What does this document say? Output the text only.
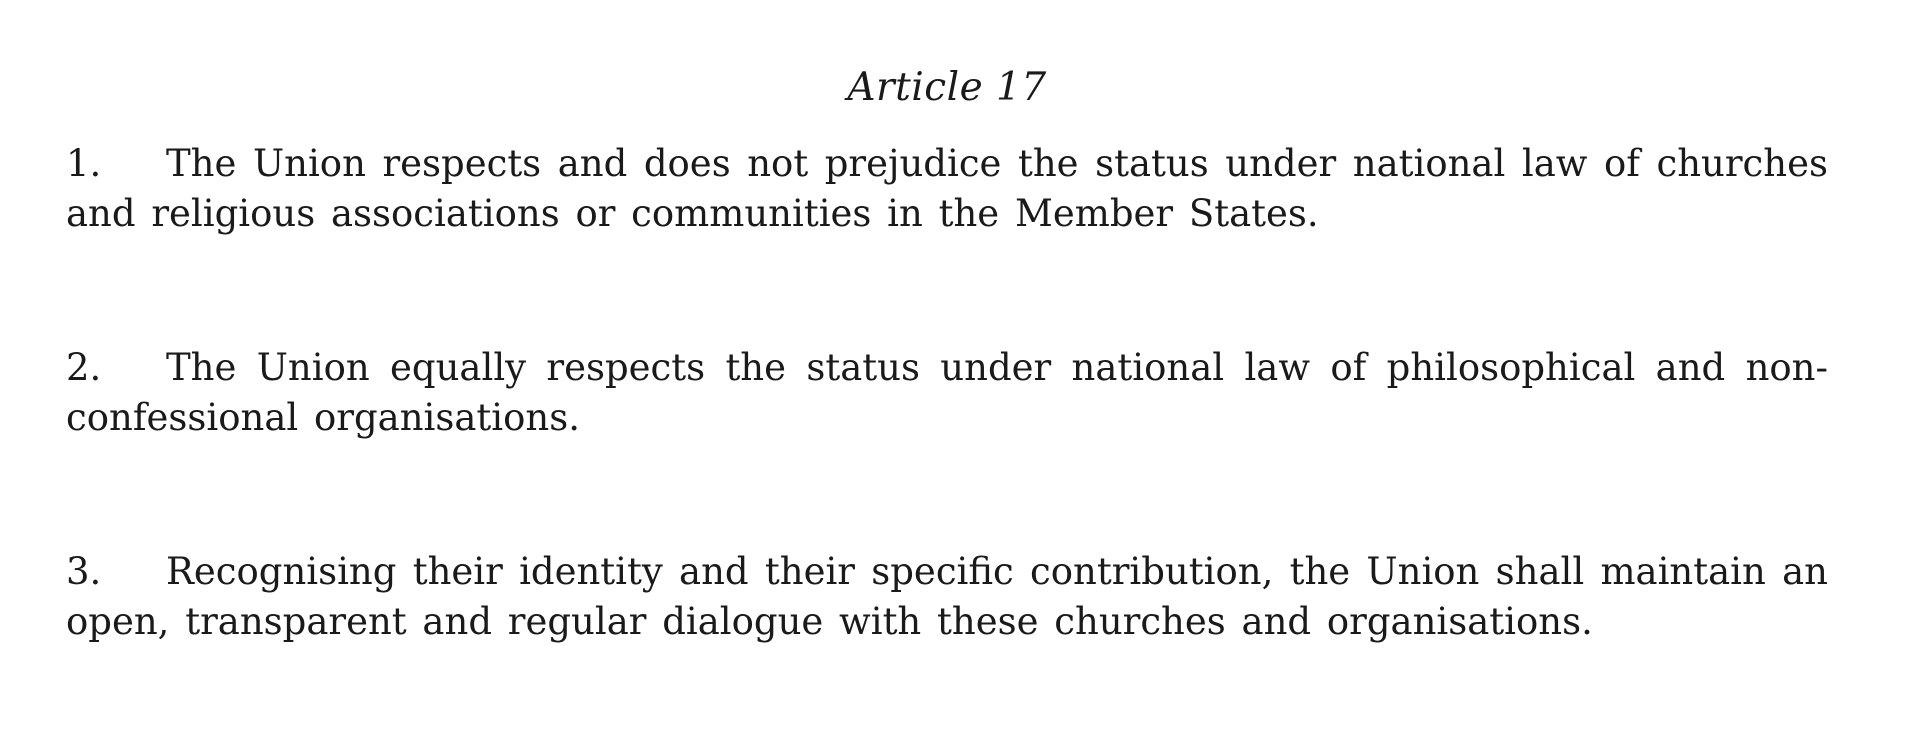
Article 17

1. The Union respects and does not prejudice the status under national law of churches and religious associations or communities in the Member States.

2. The Union equally respects the status under national law of philosophical and non-confessional organisations.

3. Recognising their identity and their specific contribution, the Union shall maintain an open, transparent and regular dialogue with these churches and organisations.
